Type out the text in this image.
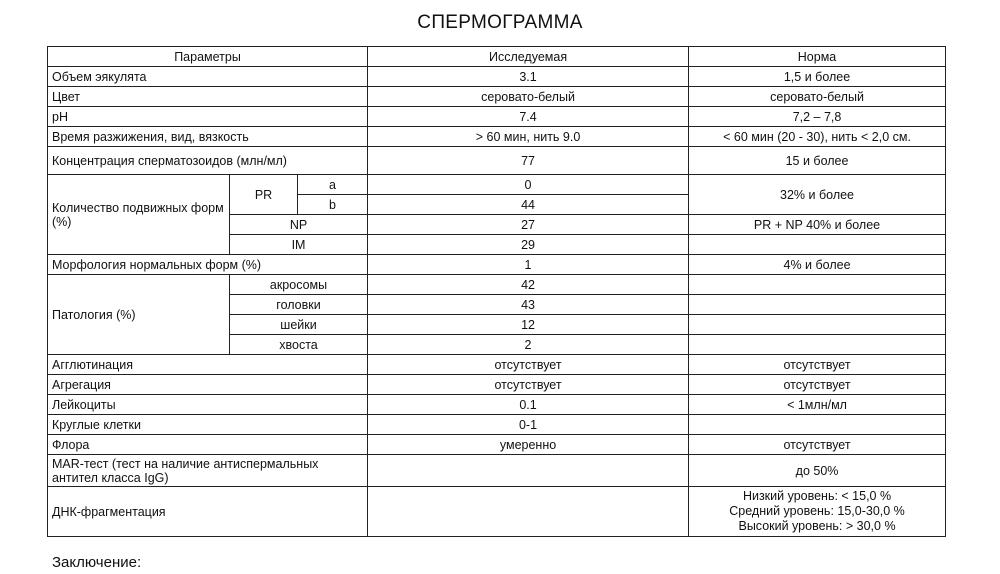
СПЕРМОГРАММА
Параметры			Исследуемая	Норма
Объем эякулята			3.1	1,5 и более
Цвет			серовато-белый	серовато-белый
pH			7.4	7,2 – 7,8
Время разжижения, вид, вязкость			> 60 мин, нить 9.0	< 60 мин (20 - 30), нить < 2,0 см.
Концентрация сперматозоидов (млн/мл)			77	15 и более
Количество подвижных форм (%)	PR	a	0	32% и более
		b	44	
	NP		27	PR + NP 40% и более
	IM		29	
Морфология нормальных форм (%)			1	4% и более
Патология (%)	акросомы		42	
	головки		43	
	шейки		12	
	хвоста		2	
Агглютинация			отсутствует	отсутствует
Агрегация			отсутствует	отсутствует
Лейкоциты			0.1	< 1млн/мл
Круглые клетки			0-1	
Флора			умеренно	отсутствует
MAR-тест (тест на наличие антиспермальных антител класса IgG)				до 50%
ДНК-фрагментация				Низкий уровень: < 15,0 %
Средний уровень: 15,0-30,0 %
Высокий уровень: > 30,0 %
Заключение:
